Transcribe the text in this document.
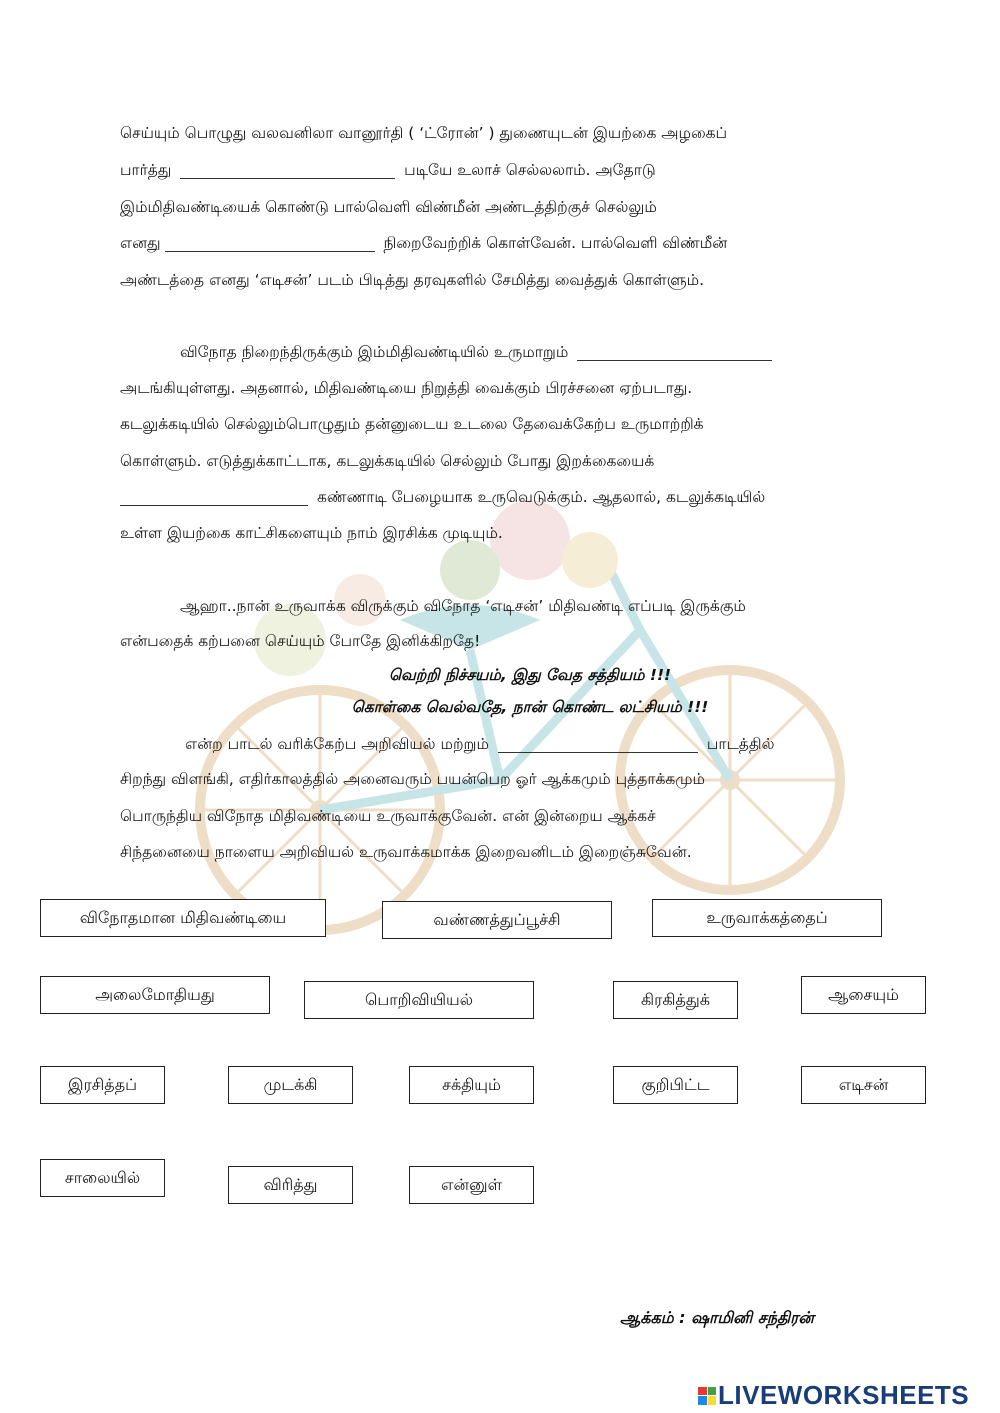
செய்யும் பொழுது வலவனிலா வானூர்தி ( ‘ட்ரோன்’ ) துணையுடன் இயற்கை அழகைப்
பார்த்து	படியே உலாச் செல்லலாம். அதோடு
இம்மிதிவண்டியைக் கொண்டு பால்வெளி விண்மீன் அண்டத்திற்குச் செல்லும்
எனது	நிறைவேற்றிக் கொள்வேன். பால்வெளி விண்மீன்
அண்டத்தை எனது ‘எடிசன்’ படம் பிடித்து தரவுகளில் சேமித்து வைத்துக் கொள்ளும்.
விநோத நிறைந்திருக்கும் இம்மிதிவண்டியில் உருமாறும்
அடங்கியுள்ளது. அதனால், மிதிவண்டியை நிறுத்தி வைக்கும் பிரச்சனை ஏற்படாது.
கடலுக்கடியில் செல்லும்பொழுதும் தன்னுடைய உடலை தேவைக்கேற்ப உருமாற்றிக்
கொள்ளும். எடுத்துக்காட்டாக, கடலுக்கடியில் செல்லும் போது இறக்கையைக்
கண்ணாடி பேழையாக உருவெடுக்கும். ஆதலால், கடலுக்கடியில்
உள்ள இயற்கை காட்சிகளையும் நாம் இரசிக்க முடியும்.
ஆஹா..நான் உருவாக்க விருக்கும் விநோத ‘எடிசன்’ மிதிவண்டி எப்படி இருக்கும்
என்பதைக் கற்பனை செய்யும் போதே இனிக்கிறதே!
வெற்றி நிச்சயம், இது வேத சத்தியம் !!!
கொள்கை வெல்வதே, நான் கொண்ட லட்சியம் !!!
என்ற பாடல் வரிக்கேற்ப அறிவியல் மற்றும்	பாடத்தில்
சிறந்து விளங்கி, எதிர்காலத்தில் அனைவரும் பயன்பெற ஓர் ஆக்கமும் புத்தாக்கமும்
பொருந்திய விநோத மிதிவண்டியை உருவாக்குவேன். என் இன்றைய ஆக்கச்
சிந்தனையை நாளைய அறிவியல் உருவாக்கமாக்க இறைவனிடம் இறைஞ்சுவேன்.
விநோதமான மிதிவண்டியை	வண்ணத்துப்பூச்சி	உருவாக்கத்தைப்
அலைமோதியது	பொறிவியியல்	கிரகித்துக்	ஆசையும்
இரசித்தப்	முடக்கி	சக்தியும்	குறிபிட்ட	எடிசன்
சாலையில்	விரித்து	என்னுள்
ஆக்கம் : ஷாமினி சந்திரன்
LIVEWORKSHEETS
